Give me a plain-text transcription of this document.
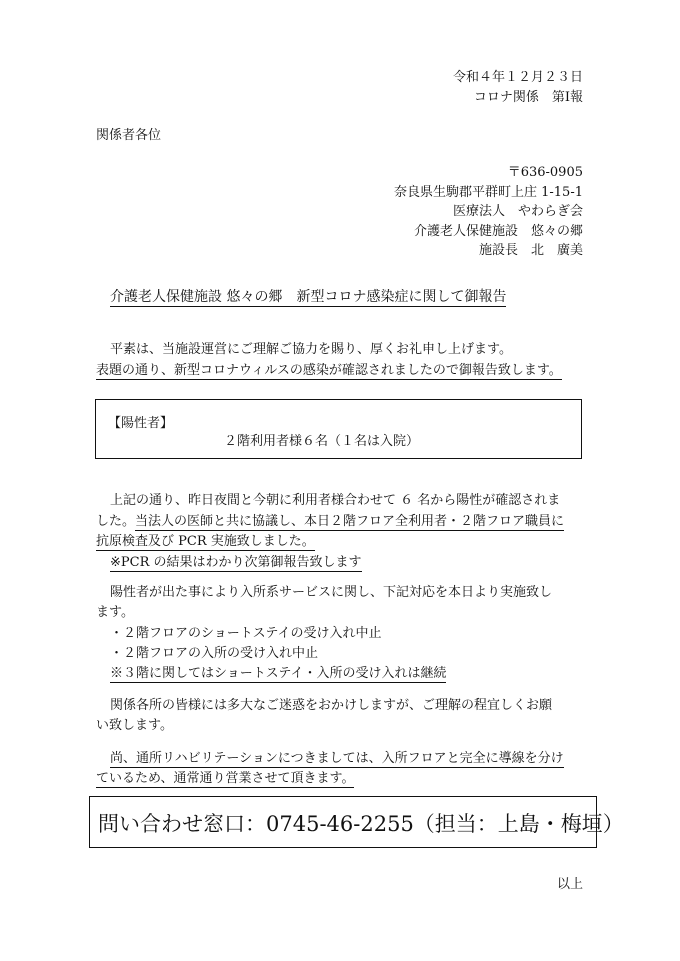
令和４年１２月２３日
コロナ関係　第Ⅰ報
関係者各位
〒636-0905
奈良県生駒郡平群町上庄 1-15-1
医療法人　やわらぎ会
介護老人保健施設　悠々の郷
施設長　北　廣美
介護老人保健施設 悠々の郷　新型コロナ感染症に関して御報告
平素は、当施設運営にご理解ご協力を賜り、厚くお礼申し上げます。
表題の通り、新型コロナウィルスの感染が確認されましたので御報告致します。
【陽性者】
２階利用者様６名（１名は入院）
上記の通り、昨日夜間と今朝に利用者様合わせて ６ 名から陽性が確認されま
した。当法人の医師と共に協議し、本日２階フロア全利用者・２階フロア職員に
抗原検査及び PCR 実施致しました。
※PCR の結果はわかり次第御報告致します
陽性者が出た事により入所系サービスに関し、下記対応を本日より実施致し
ます。
・２階フロアのショートステイの受け入れ中止
・２階フロアの入所の受け入れ中止
※３階に関してはショートステイ・入所の受け入れは継続
関係各所の皆様には多大なご迷惑をおかけしますが、ご理解の程宜しくお願
い致します。
尚、通所リハビリテーションにつきましては、入所フロアと完全に導線を分け
ているため、通常通り営業させて頂きます。
問い合わせ窓口：0745-46-2255（担当：上島・梅垣）
以上
